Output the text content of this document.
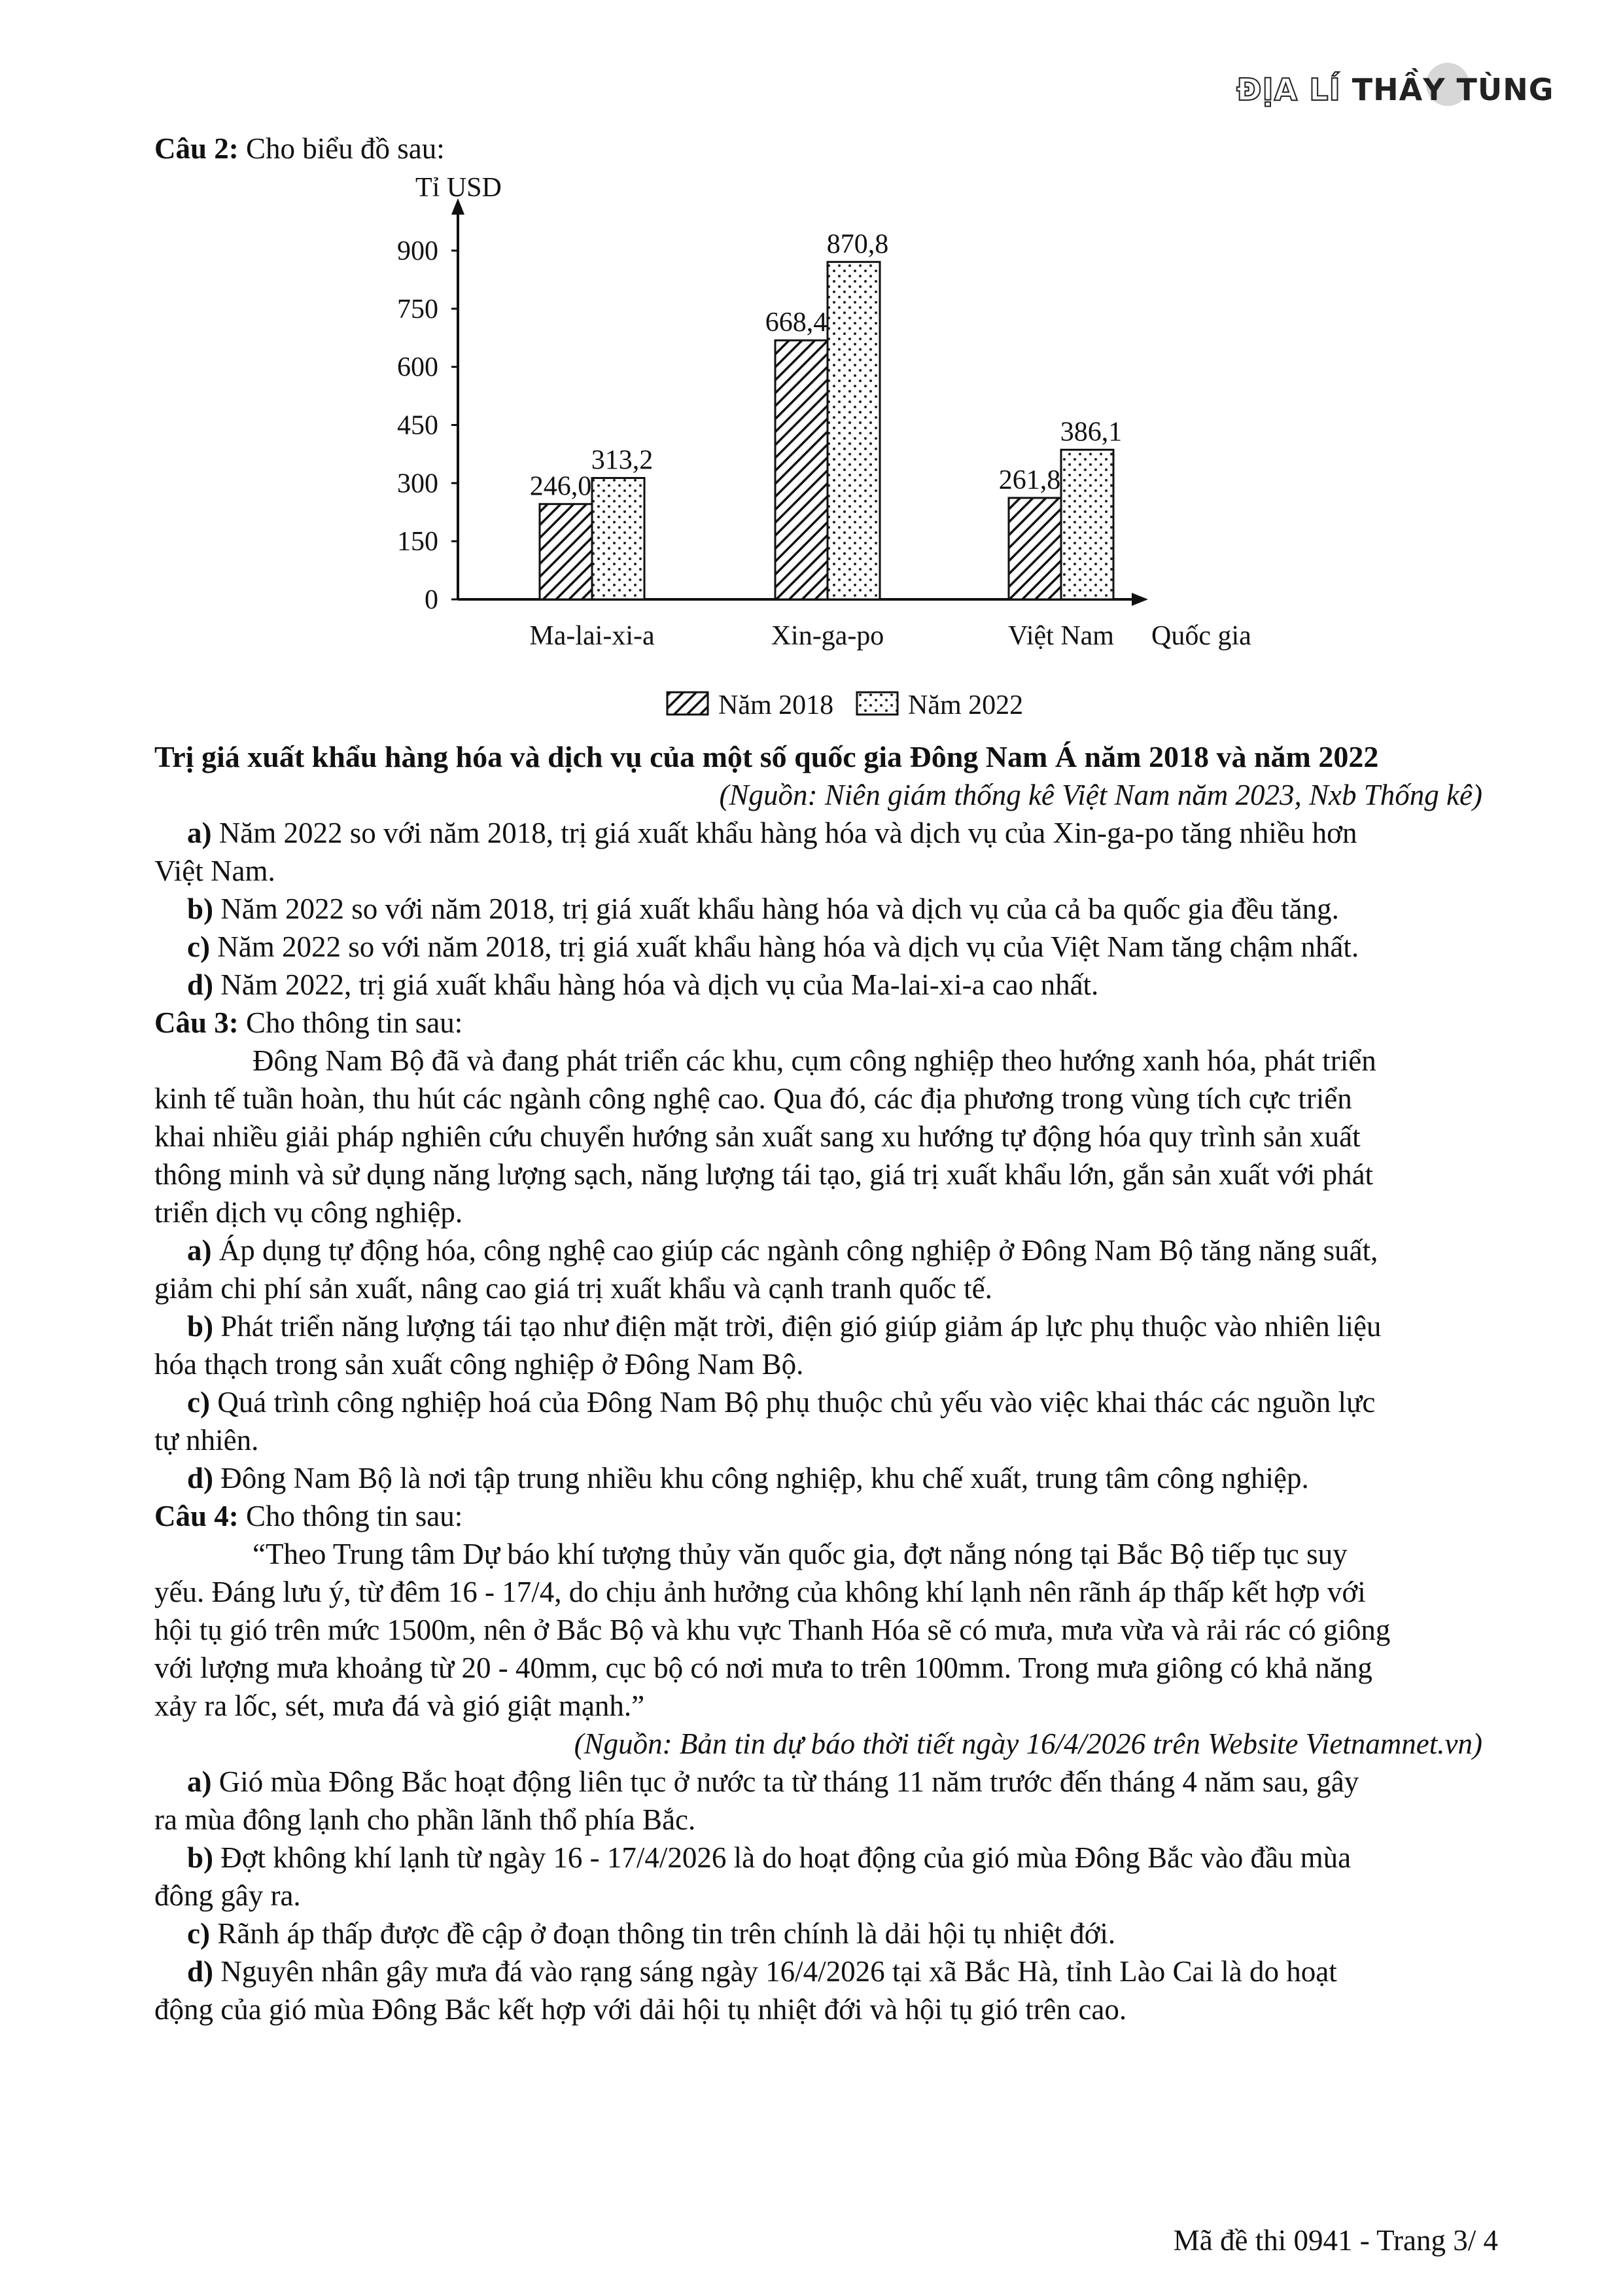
ĐỊA LÍ THẦY TÙNG
Câu 2: Cho biểu đồ sau:
Tỉ USD
Quốc gia
0
150
300
450
600
750
900
246,0
313,2
Ma-lai-xi-a
668,4
870,8
Xin-ga-po
261,8
386,1
Việt Nam
Năm 2018	Năm 2022
Trị giá xuất khẩu hàng hóa và dịch vụ của một số quốc gia Đông Nam Á năm 2018 và năm 2022
(Nguồn: Niên giám thống kê Việt Nam năm 2023, Nxb Thống kê)
a) Năm 2022 so với năm 2018, trị giá xuất khẩu hàng hóa và dịch vụ của Xin-ga-po tăng nhiều hơn
Việt Nam.
b) Năm 2022 so với năm 2018, trị giá xuất khẩu hàng hóa và dịch vụ của cả ba quốc gia đều tăng.
c) Năm 2022 so với năm 2018, trị giá xuất khẩu hàng hóa và dịch vụ của Việt Nam tăng chậm nhất.
d) Năm 2022, trị giá xuất khẩu hàng hóa và dịch vụ của Ma-lai-xi-a cao nhất.
Câu 3: Cho thông tin sau:
Đông Nam Bộ đã và đang phát triển các khu, cụm công nghiệp theo hướng xanh hóa, phát triển
kinh tế tuần hoàn, thu hút các ngành công nghệ cao. Qua đó, các địa phương trong vùng tích cực triển
khai nhiều giải pháp nghiên cứu chuyển hướng sản xuất sang xu hướng tự động hóa quy trình sản xuất
thông minh và sử dụng năng lượng sạch, năng lượng tái tạo, giá trị xuất khẩu lớn, gắn sản xuất với phát
triển dịch vụ công nghiệp.
a) Áp dụng tự động hóa, công nghệ cao giúp các ngành công nghiệp ở Đông Nam Bộ tăng năng suất,
giảm chi phí sản xuất, nâng cao giá trị xuất khẩu và cạnh tranh quốc tế.
b) Phát triển năng lượng tái tạo như điện mặt trời, điện gió giúp giảm áp lực phụ thuộc vào nhiên liệu
hóa thạch trong sản xuất công nghiệp ở Đông Nam Bộ.
c) Quá trình công nghiệp hoá của Đông Nam Bộ phụ thuộc chủ yếu vào việc khai thác các nguồn lực
tự nhiên.
d) Đông Nam Bộ là nơi tập trung nhiều khu công nghiệp, khu chế xuất, trung tâm công nghiệp.
Câu 4: Cho thông tin sau:
“Theo Trung tâm Dự báo khí tượng thủy văn quốc gia, đợt nắng nóng tại Bắc Bộ tiếp tục suy
yếu. Đáng lưu ý, từ đêm 16 - 17/4, do chịu ảnh hưởng của không khí lạnh nên rãnh áp thấp kết hợp với
hội tụ gió trên mức 1500m, nên ở Bắc Bộ và khu vực Thanh Hóa sẽ có mưa, mưa vừa và rải rác có giông
với lượng mưa khoảng từ 20 - 40mm, cục bộ có nơi mưa to trên 100mm. Trong mưa giông có khả năng
xảy ra lốc, sét, mưa đá và gió giật mạnh.”
(Nguồn: Bản tin dự báo thời tiết ngày 16/4/2026 trên Website Vietnamnet.vn)
a) Gió mùa Đông Bắc hoạt động liên tục ở nước ta từ tháng 11 năm trước đến tháng 4 năm sau, gây
ra mùa đông lạnh cho phần lãnh thổ phía Bắc.
b) Đợt không khí lạnh từ ngày 16 - 17/4/2026 là do hoạt động của gió mùa Đông Bắc vào đầu mùa
đông gây ra.
c) Rãnh áp thấp được đề cập ở đoạn thông tin trên chính là dải hội tụ nhiệt đới.
d) Nguyên nhân gây mưa đá vào rạng sáng ngày 16/4/2026 tại xã Bắc Hà, tỉnh Lào Cai là do hoạt
động của gió mùa Đông Bắc kết hợp với dải hội tụ nhiệt đới và hội tụ gió trên cao.
Mã đề thi 0941 - Trang 3/ 4
